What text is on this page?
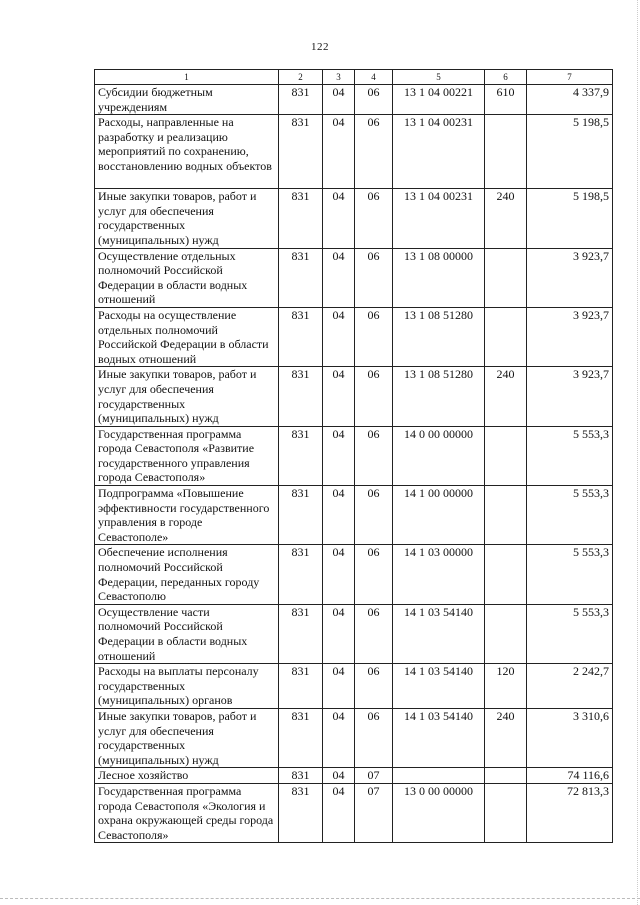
122
1	2	3	4	5	6	7
Субсидии бюджетным учреждениям	831	04	06	13 1 04 00221	610	4 337,9
Расходы, направленные на разработку и реализацию мероприятий по сохранению, восстановлению водных объектов	831	04	06	13 1 04 00231		5 198,5
Иные закупки товаров, работ и услуг для обеспечения государственных (муниципальных) нужд	831	04	06	13 1 04 00231	240	5 198,5
Осуществление отдельных полномочий Российской Федерации в области водных отношений	831	04	06	13 1 08 00000		3 923,7
Расходы на осуществление отдельных полномочий Российской Федерации в области водных отношений	831	04	06	13 1 08 51280		3 923,7
Иные закупки товаров, работ и услуг для обеспечения государственных (муниципальных) нужд	831	04	06	13 1 08 51280	240	3 923,7
Государственная программа города Севастополя «Развитие государственного управления города Севастополя»	831	04	06	14 0 00 00000		5 553,3
Подпрограмма «Повышение эффективности государственного управления в городе Севастополе»	831	04	06	14 1 00 00000		5 553,3
Обеспечение исполнения полномочий Российской Федерации, переданных городу Севастополю	831	04	06	14 1 03 00000		5 553,3
Осуществление части полномочий Российской Федерации в области водных отношений	831	04	06	14 1 03 54140		5 553,3
Расходы на выплаты персоналу государственных (муниципальных) органов	831	04	06	14 1 03 54140	120	2 242,7
Иные закупки товаров, работ и услуг для обеспечения государственных (муниципальных) нужд	831	04	06	14 1 03 54140	240	3 310,6
Лесное хозяйство	831	04	07			74 116,6
Государственная программа города Севастополя «Экология и охрана окружающей среды города Севастополя»	831	04	07	13 0 00 00000		72 813,3
